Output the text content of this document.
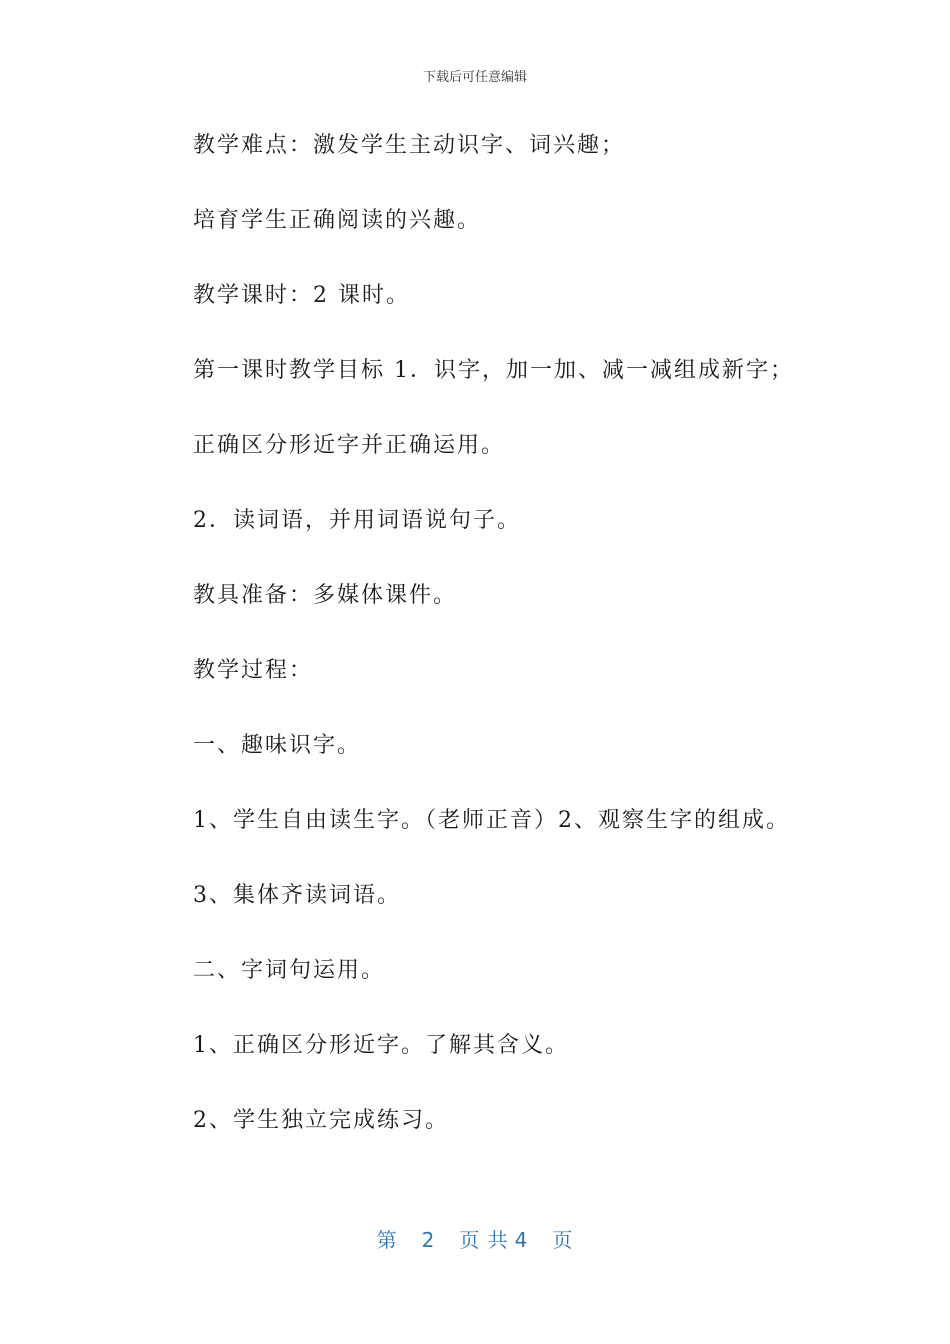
下载后可任意编辑
教学难点：激发学生主动识字、词兴趣；
培育学生正确阅读的兴趣。
教学课时：2 课时。
第一课时教学目标 1．识字，加一加、减一减组成新字；
正确区分形近字并正确运用。
2．读词语，并用词语说句子。
教具准备：多媒体课件。
教学过程：
一、趣味识字。
1、学生自由读生字。（老师正音）2、观察生字的组成。
3、集体齐读词语。
二、字词句运用。
1、正确区分形近字。了解其含义。
2、学生独立完成练习。
第 2 页 共 4 页
